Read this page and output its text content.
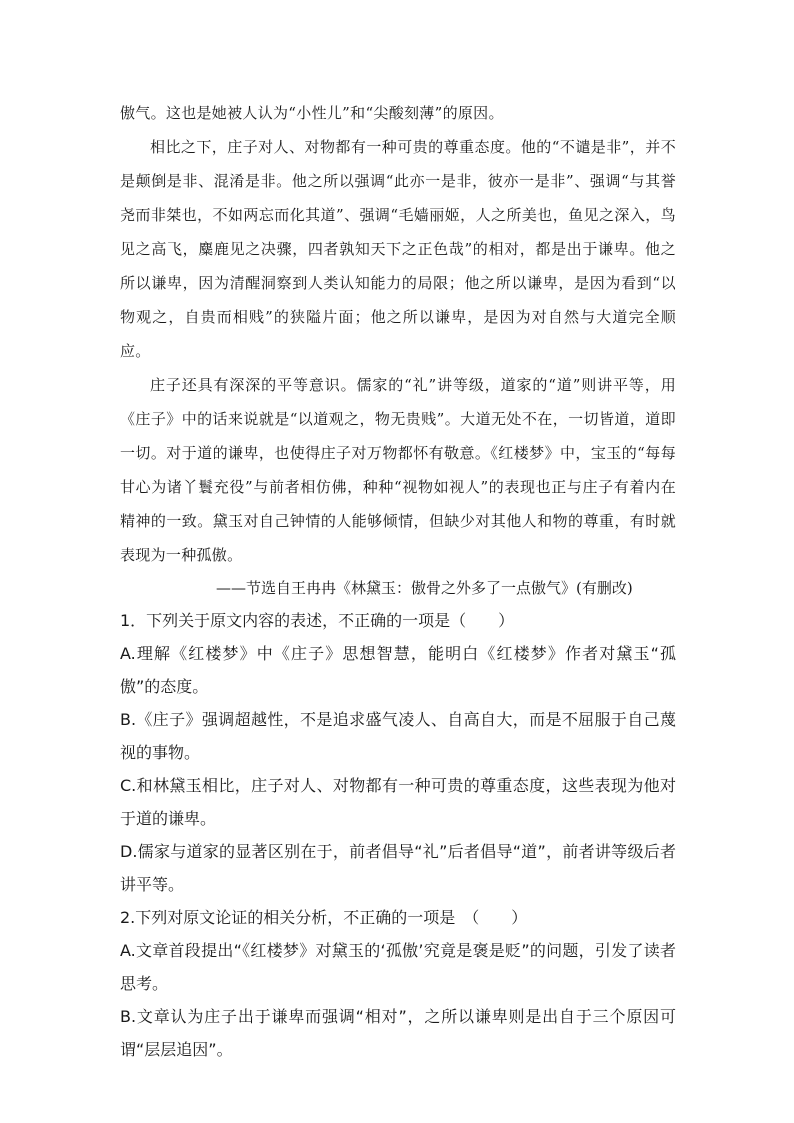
傲气。这也是她被人认为“小性儿”和“尖酸刻薄”的原因。

相比之下，庄子对人、对物都有一种可贵的尊重态度。他的“不谴是非”，并不是颠倒是非、混淆是非。他之所以强调“此亦一是非，彼亦一是非”、强调“与其誉尧而非桀也，不如两忘而化其道”、强调“毛嫱丽姬，人之所美也，鱼见之深入，鸟见之高飞，麋鹿见之决骤，四者孰知天下之正色哉”的相对，都是出于谦卑。他之所以谦卑，因为清醒洞察到人类认知能力的局限；他之所以谦卑，是因为看到“以物观之，自贵而相贱”的狭隘片面；他之所以谦卑，是因为对自然与大道完全顺应。

庄子还具有深深的平等意识。儒家的“礼”讲等级，道家的“道”则讲平等，用《庄子》中的话来说就是“以道观之，物无贵贱”。大道无处不在，一切皆道，道即一切。对于道的谦卑，也使得庄子对万物都怀有敬意。《红楼梦》中，宝玉的“每每甘心为诸丫鬟充役”与前者相仿佛，种种“视物如视人”的表现也正与庄子有着内在精神的一致。黛玉对自己钟情的人能够倾情，但缺少对其他人和物的尊重，有时就表现为一种孤傲。

——节选自王冉冉《林黛玉：傲骨之外多了一点傲气》(有删改)

1．下列关于原文内容的表述，不正确的一项是（　　）

A.理解《红楼梦》中《庄子》思想智慧，能明白《红楼梦》作者对黛玉“孤傲”的态度。

B.《庄子》强调超越性，不是追求盛气凌人、自高自大，而是不屈服于自己蔑视的事物。

C.和林黛玉相比，庄子对人、对物都有一种可贵的尊重态度，这些表现为他对于道的谦卑。

D.儒家与道家的显著区别在于，前者倡导“礼”后者倡导“道”，前者讲等级后者讲平等。

2.下列对原文论证的相关分析，不正确的一项是　（　　）

A.文章首段提出“《红楼梦》对黛玉的‘孤傲’究竟是褒是贬”的问题，引发了读者思考。

B.文章认为庄子出于谦卑而强调“相对”，之所以谦卑则是出自于三个原因可谓“层层追因”。
